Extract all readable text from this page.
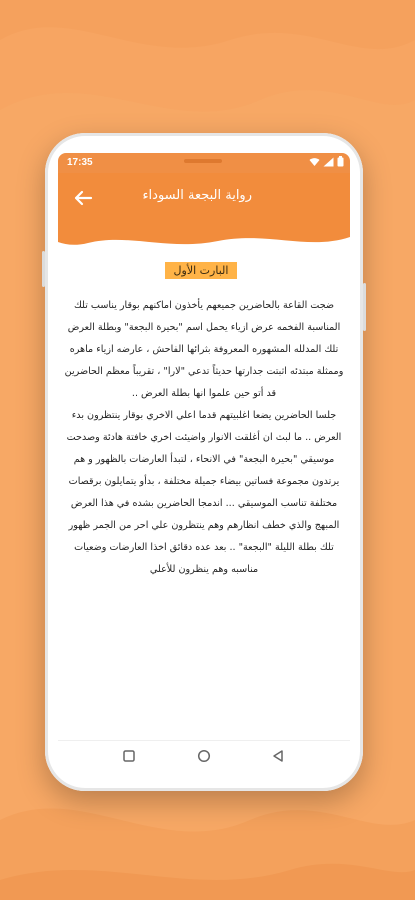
17:35
رواية البجعة السوداء
البارت الأول

ضجت القاعة بالحاضرين جميعهم يأخذون اماكنهم بوقار يناسب تلك المناسبة الفخمه عرض ازياء يحمل اسم "بحيرة البجعة" وبطلة العرض تلك المدلله المشهوره المعروفة بثرائها الفاحش ، عارضه ازياء ماهره وممثلة مبتدئه اثبتت جدارتها حديثاً تدعي "لارا" ، تقريباً معظم الحاضرين قد أتو حين علموا انها بطلة العرض ..

جلسا الحاضرين يضعا اغلبيتهم قدما اعلي الاخري بوقار ينتظرون بدء العرض .. ما لبث ان أغلقت الانوار واضيئت اخري خافتة هادئة وصدحت موسيقي "بحيرة البجعة" في الانحاء ، لتبدأ العارضات بالظهور و هم يرتدون مجموعة فساتين بيضاء جميلة مختلفة ، بدأو يتمايلون برقصات مختلفة تناسب الموسيقي ... اندمجا الحاضرين بشده في هذا العرض المبهج والذي خطف انظارهم وهم ينتظرون علي احر من الجمر ظهور تلك بطلة الليلة "البجعة" .. بعد عده دقائق اخذا العارضات وضعيات مناسبه وهم ينظرون للأعلي
